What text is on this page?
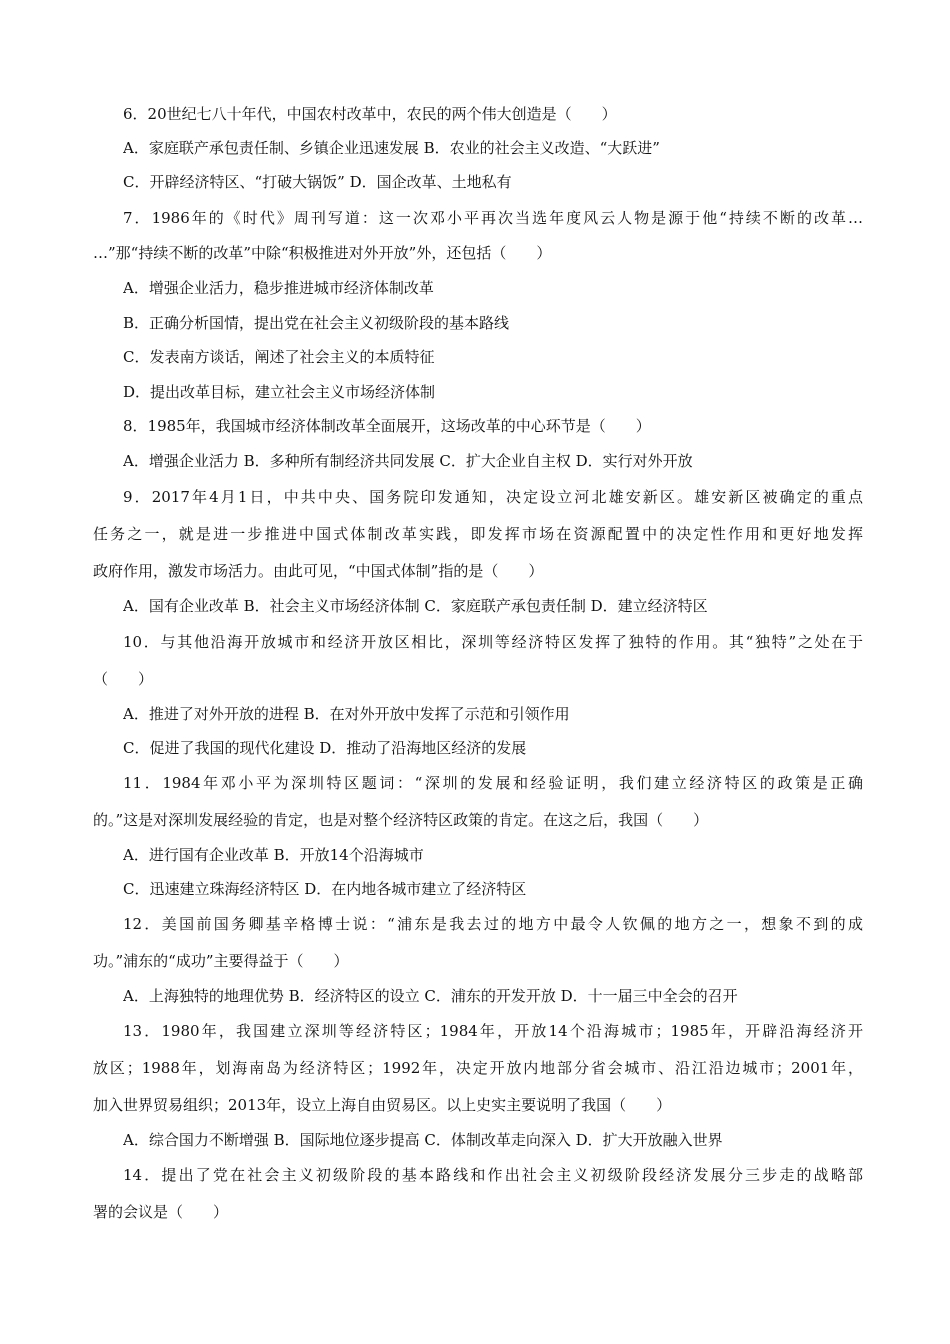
6．20世纪七八十年代，中国农村改革中，农民的两个伟大创造是（　　）
A．家庭联产承包责任制、乡镇企业迅速发展 B．农业的社会主义改造、“大跃进”
C．开辟经济特区、“打破大锅饭” D．国企改革、土地私有
7．1986年的《时代》周刊写道：这一次邓小平再次当选年度风云人物是源于他“持续不断的改革…
…”那“持续不断的改革”中除“积极推进对外开放”外，还包括（　　）
A．增强企业活力，稳步推进城市经济体制改革
B．正确分析国情，提出党在社会主义初级阶段的基本路线
C．发表南方谈话，阐述了社会主义的本质特征
D．提出改革目标，建立社会主义市场经济体制
8．1985年，我国城市经济体制改革全面展开，这场改革的中心环节是（　　）
A．增强企业活力 B．多种所有制经济共同发展 C．扩大企业自主权 D．实行对外开放
9．2017年4月1日，中共中央、国务院印发通知，决定设立河北雄安新区。雄安新区被确定的重点
任务之一，就是进一步推进中国式体制改革实践，即发挥市场在资源配置中的决定性作用和更好地发挥
政府作用，激发市场活力。由此可见，“中国式体制”指的是（　　）
A．国有企业改革 B．社会主义市场经济体制 C．家庭联产承包责任制 D．建立经济特区
10．与其他沿海开放城市和经济开放区相比，深圳等经济特区发挥了独特的作用。其“独特”之处在于
（　　）
A．推进了对外开放的进程 B．在对外开放中发挥了示范和引领作用
C．促进了我国的现代化建设 D．推动了沿海地区经济的发展
11．1984年邓小平为深圳特区题词：“深圳的发展和经验证明，我们建立经济特区的政策是正确
的。”这是对深圳发展经验的肯定，也是对整个经济特区政策的肯定。在这之后，我国（　　）
A．进行国有企业改革 B．开放14个沿海城市
C．迅速建立珠海经济特区 D．在内地各城市建立了经济特区
12．美国前国务卿基辛格博士说：“浦东是我去过的地方中最令人钦佩的地方之一，想象不到的成
功。”浦东的“成功”主要得益于（　　）
A．上海独特的地理优势 B．经济特区的设立 C．浦东的开发开放 D．十一届三中全会的召开
13．1980年，我国建立深圳等经济特区；1984年，开放14个沿海城市；1985年，开辟沿海经济开
放区；1988年，划海南岛为经济特区；1992年，决定开放内地部分省会城市、沿江沿边城市；2001年，
加入世界贸易组织；2013年，设立上海自由贸易区。以上史实主要说明了我国（　　）
A．综合国力不断增强 B．国际地位逐步提高 C．体制改革走向深入 D．扩大开放融入世界
14．提出了党在社会主义初级阶段的基本路线和作出社会主义初级阶段经济发展分三步走的战略部
署的会议是（　　）
